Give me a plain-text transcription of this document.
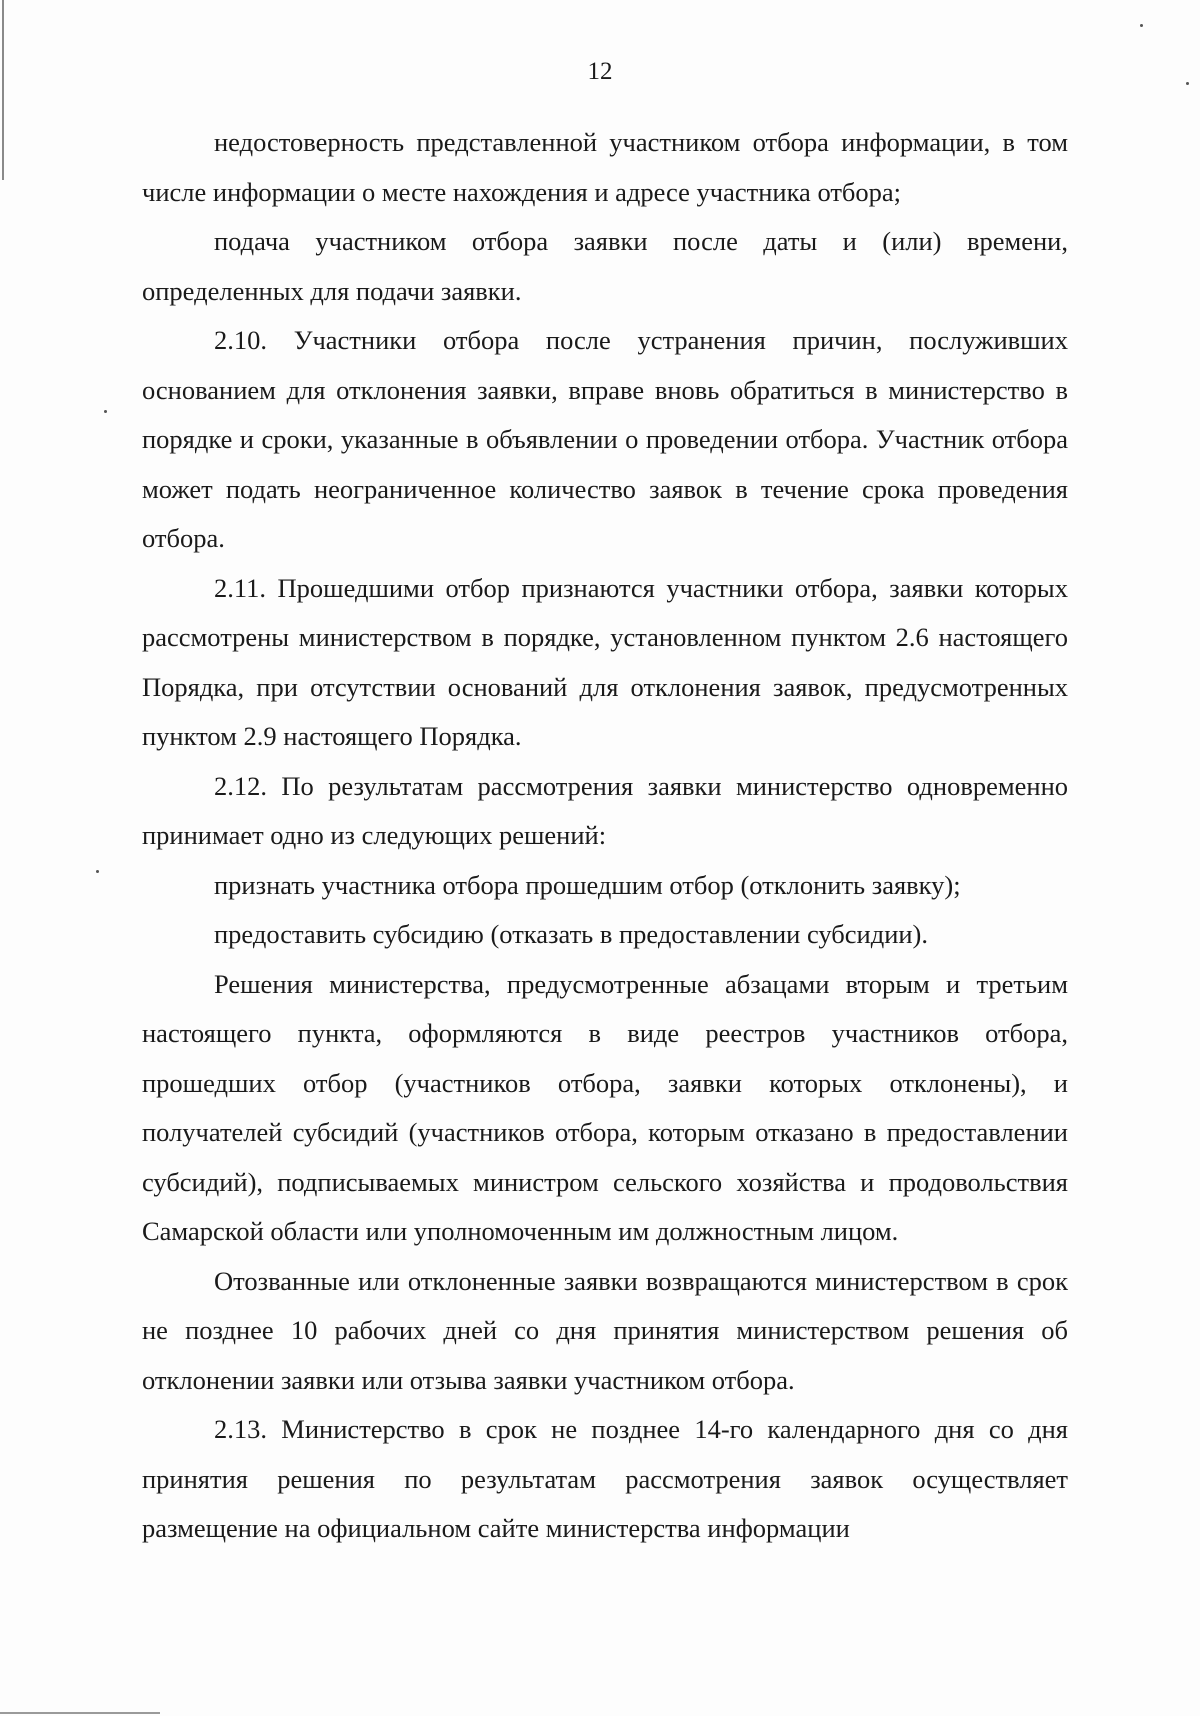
12

недостоверность представленной участником отбора информации, в том числе информации о месте нахождения и адресе участника отбора;

подача участником отбора заявки после даты и (или) времени, определенных для подачи заявки.

2.10. Участники отбора после устранения причин, послуживших основанием для отклонения заявки, вправе вновь обратиться в министерство в порядке и сроки, указанные в объявлении о проведении отбора. Участник отбора может подать неограниченное количество заявок в течение срока проведения отбора.

2.11. Прошедшими отбор признаются участники отбора, заявки которых рассмотрены министерством в порядке, установленном пунктом 2.6 настоящего Порядка, при отсутствии оснований для отклонения заявок, предусмотренных пунктом 2.9 настоящего Порядка.

2.12. По результатам рассмотрения заявки министерство одновременно принимает одно из следующих решений:

признать участника отбора прошедшим отбор (отклонить заявку);

предоставить субсидию (отказать в предоставлении субсидии).

Решения министерства, предусмотренные абзацами вторым и третьим настоящего пункта, оформляются в виде реестров участников отбора, прошедших отбор (участников отбора, заявки которых отклонены), и получателей субсидий (участников отбора, которым отказано в предоставлении субсидий), подписываемых министром сельского хозяйства и продовольствия Самарской области или уполномоченным им должностным лицом.

Отозванные или отклоненные заявки возвращаются министерством в срок не позднее 10 рабочих дней со дня принятия министерством решения об отклонении заявки или отзыва заявки участником отбора.

2.13. Министерство в срок не позднее 14-го календарного дня со дня принятия решения по результатам рассмотрения заявок осуществляет размещение на официальном сайте министерства информации
